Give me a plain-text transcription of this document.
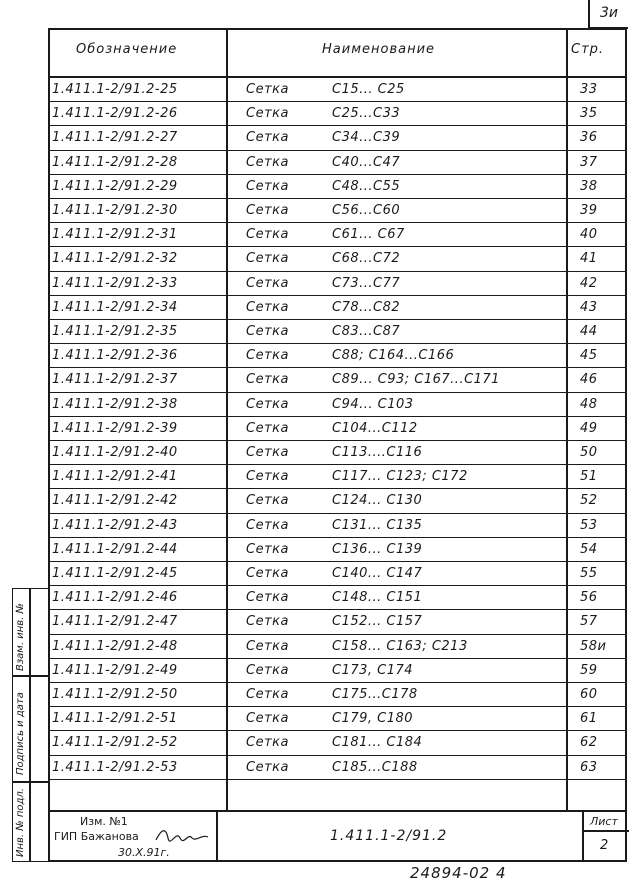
3и
Обозначение	Наименование	Стр.
1.411.1-2/91.2-25	Сетка	С15... С25	33
1.411.1-2/91.2-26	Сетка	С25...С33	35
1.411.1-2/91.2-27	Сетка	С34...С39	36
1.411.1-2/91.2-28	Сетка	С40...С47	37
1.411.1-2/91.2-29	Сетка	С48...С55	38
1.411.1-2/91.2-30	Сетка	С56...С60	39
1.411.1-2/91.2-31	Сетка	С61... С67	40
1.411.1-2/91.2-32	Сетка	С68...С72	41
1.411.1-2/91.2-33	Сетка	С73...С77	42
1.411.1-2/91.2-34	Сетка	С78...С82	43
1.411.1-2/91.2-35	Сетка	С83...С87	44
1.411.1-2/91.2-36	Сетка	С88; С164...С166	45
1.411.1-2/91.2-37	Сетка	С89... С93; С167...С171	46
1.411.1-2/91.2-38	Сетка	С94... С103	48
1.411.1-2/91.2-39	Сетка	С104...С112	49
1.411.1-2/91.2-40	Сетка	С113....С116	50
1.411.1-2/91.2-41	Сетка	С117... С123; С172	51
1.411.1-2/91.2-42	Сетка	С124... С130	52
1.411.1-2/91.2-43	Сетка	С131... С135	53
1.411.1-2/91.2-44	Сетка	С136... С139	54
1.411.1-2/91.2-45	Сетка	С140... С147	55
1.411.1-2/91.2-46	Сетка	С148... С151	56
1.411.1-2/91.2-47	Сетка	С152... С157	57
1.411.1-2/91.2-48	Сетка	С158... С163; С213	58и
1.411.1-2/91.2-49	Сетка	С173, С174	59
1.411.1-2/91.2-50	Сетка	С175...С178	60
1.411.1-2/91.2-51	Сетка	С179, С180	61
1.411.1-2/91.2-52	Сетка	С181... С184	62
1.411.1-2/91.2-53	Сетка	С185...С188	63
Изм. №1
ГИП Бажанова
30.Х.91г.
1.411.1-2/91.2
Лист
2
Взам. инв. №
Подпись и дата
Инв. № подл.
24894-02 4
